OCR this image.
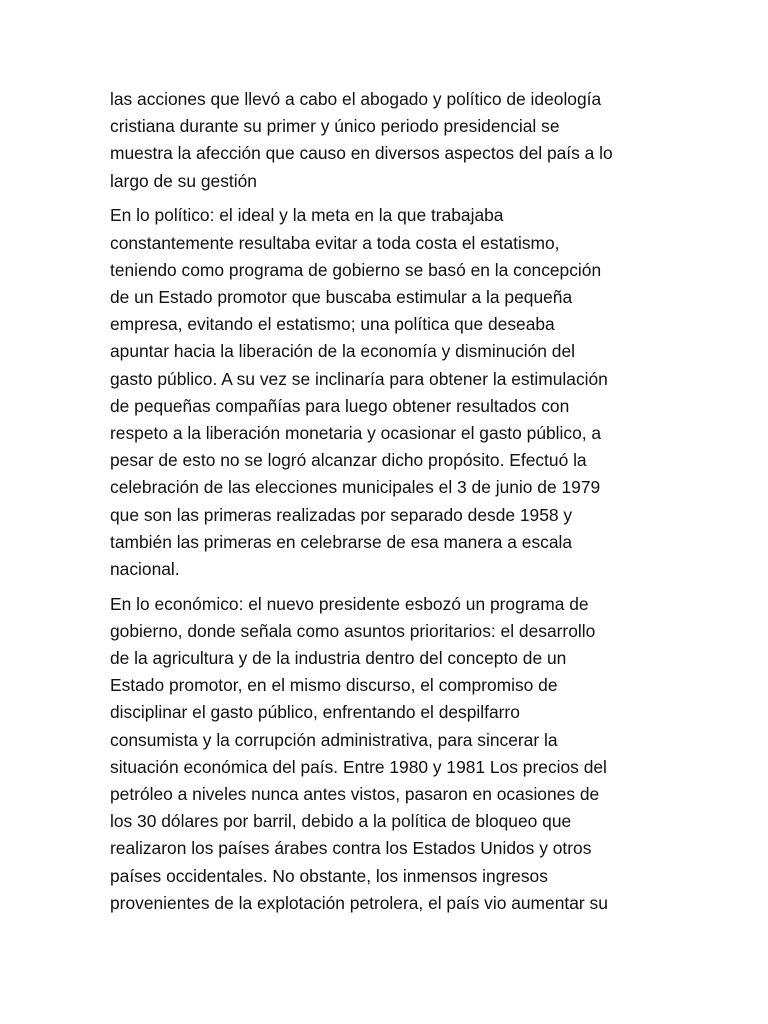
las acciones que llevó a cabo el abogado y político de ideología
cristiana durante su primer y único periodo presidencial se
muestra la afección que causo en diversos aspectos del país a lo
largo de su gestión
En lo político: el ideal y la meta en la que trabajaba
constantemente resultaba evitar a toda costa el estatismo,
teniendo como programa de gobierno se basó en la concepción
de un Estado promotor que buscaba estimular a la pequeña
empresa, evitando el estatismo; una política que deseaba
apuntar hacia la liberación de la economía y disminución del
gasto público. A su vez se inclinaría para obtener la estimulación
de pequeñas compañías para luego obtener resultados con
respeto a la liberación monetaria y ocasionar el gasto público, a
pesar de esto no se logró alcanzar dicho propósito. Efectuó la
celebración de las elecciones municipales el 3 de junio de 1979
que son las primeras realizadas por separado desde 1958 y
también las primeras en celebrarse de esa manera a escala
nacional.
En lo económico: el nuevo presidente esbozó un programa de
gobierno, donde señala como asuntos prioritarios: el desarrollo
de la agricultura y de la industria dentro del concepto de un
Estado promotor, en el mismo discurso, el compromiso de
disciplinar el gasto público, enfrentando el despilfarro
consumista y la corrupción administrativa, para sincerar la
situación económica del país. Entre 1980 y 1981 Los precios del
petróleo a niveles nunca antes vistos, pasaron en ocasiones de
los 30 dólares por barril, debido a la política de bloqueo que
realizaron los países árabes contra los Estados Unidos y otros
países occidentales. No obstante, los inmensos ingresos
provenientes de la explotación petrolera, el país vio aumentar su
